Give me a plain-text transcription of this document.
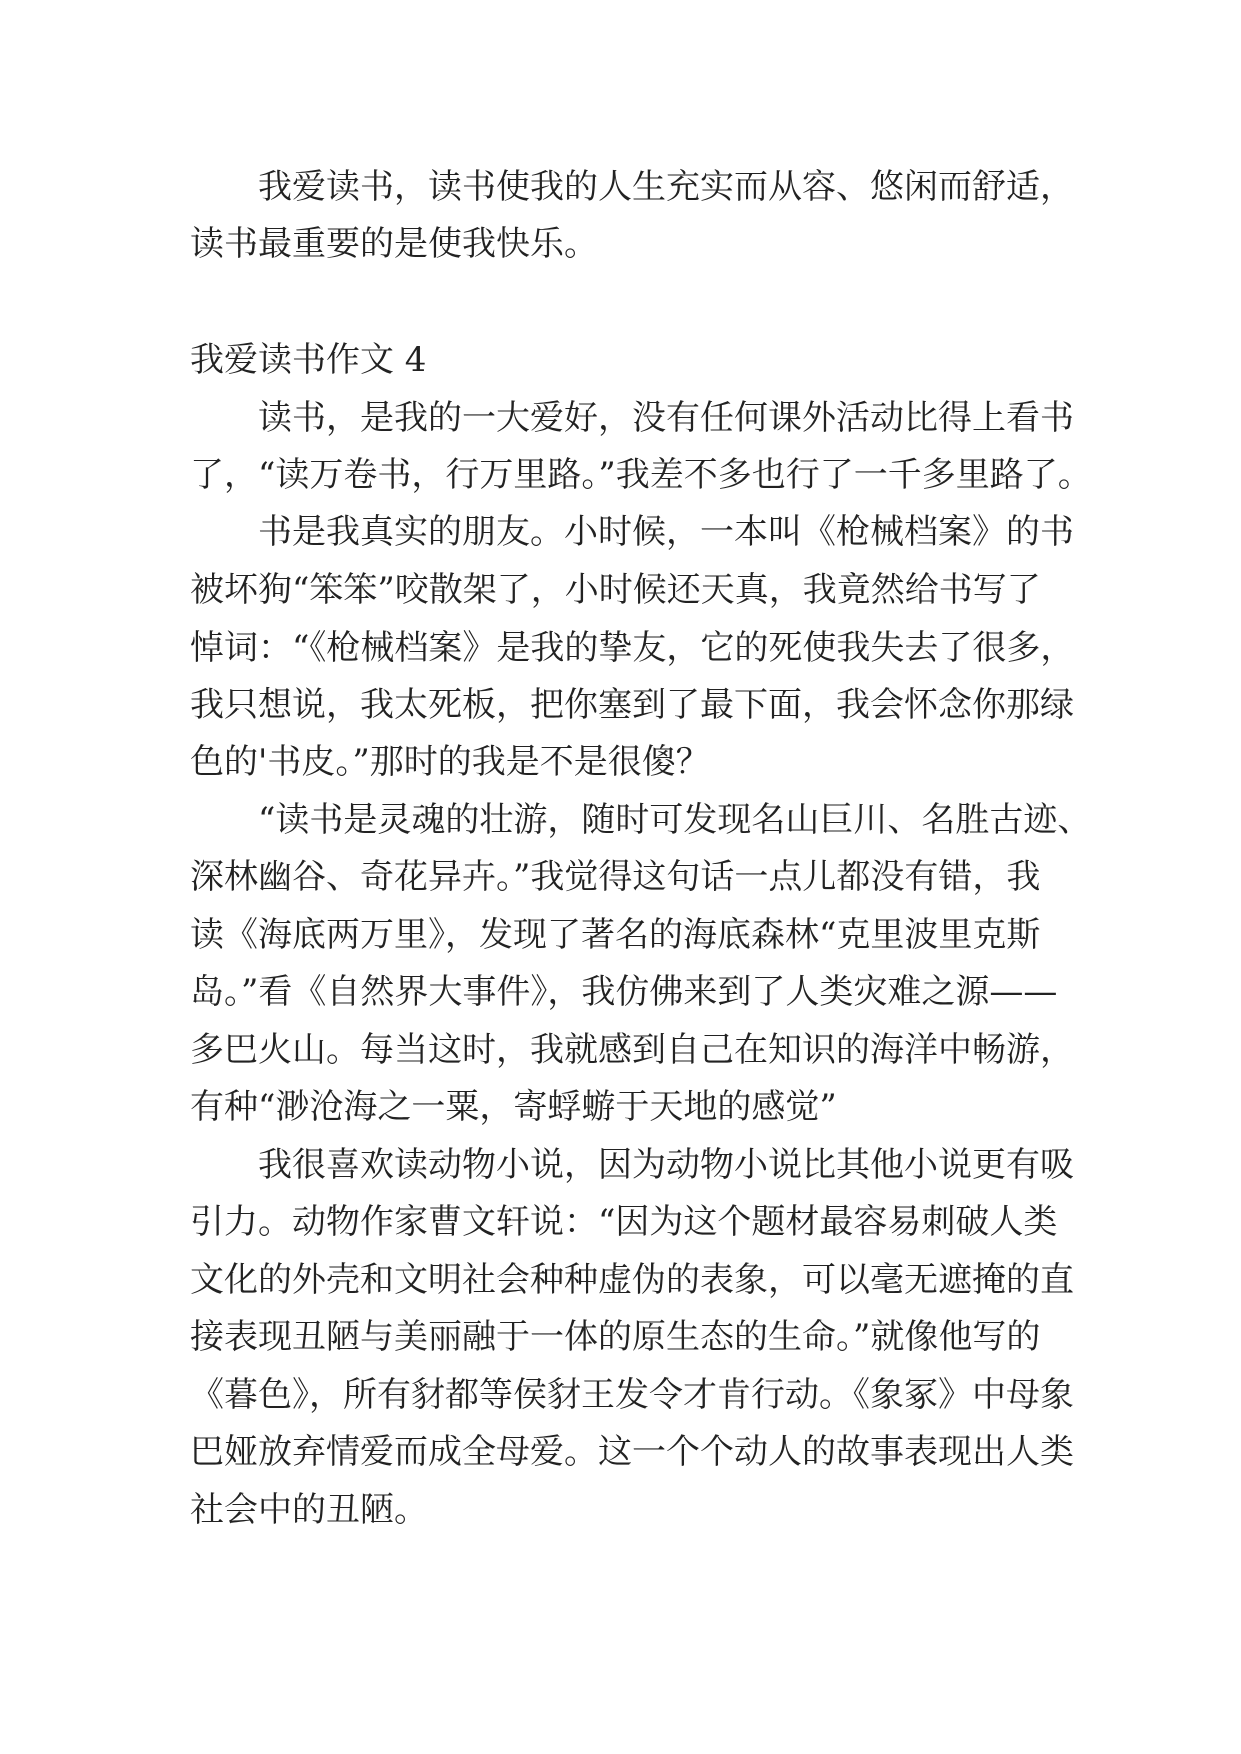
我爱读书，读书使我的人生充实而从容、悠闲而舒适，

读书最重要的是使我快乐。

我爱读书作文 4

读书，是我的一大爱好，没有任何课外活动比得上看书

了，“读万卷书，行万里路。”我差不多也行了一千多里路了。

书是我真实的朋友。小时候，一本叫《枪械档案》的书

被坏狗“笨笨”咬散架了，小时候还天真，我竟然给书写了

悼词：“《枪械档案》是我的挚友，它的死使我失去了很多，

我只想说，我太死板，把你塞到了最下面，我会怀念你那绿

色的'书皮。”那时的我是不是很傻？

“读书是灵魂的壮游，随时可发现名山巨川、名胜古迹、

深林幽谷、奇花异卉。”我觉得这句话一点儿都没有错，我

读《海底两万里》，发现了著名的海底森林“克里波里克斯

岛。”看《自然界大事件》，我仿佛来到了人类灾难之源——

多巴火山。每当这时，我就感到自己在知识的海洋中畅游，

有种“渺沧海之一粟，寄蜉蝣于天地的感觉”

我很喜欢读动物小说，因为动物小说比其他小说更有吸

引力。动物作家曹文轩说：“因为这个题材最容易刺破人类

文化的外壳和文明社会种种虚伪的表象，可以毫无遮掩的直

接表现丑陋与美丽融于一体的原生态的生命。”就像他写的

《暮色》，所有豺都等侯豺王发令才肯行动。《象冢》中母象

巴娅放弃情爱而成全母爱。这一个个动人的故事表现出人类

社会中的丑陋。
